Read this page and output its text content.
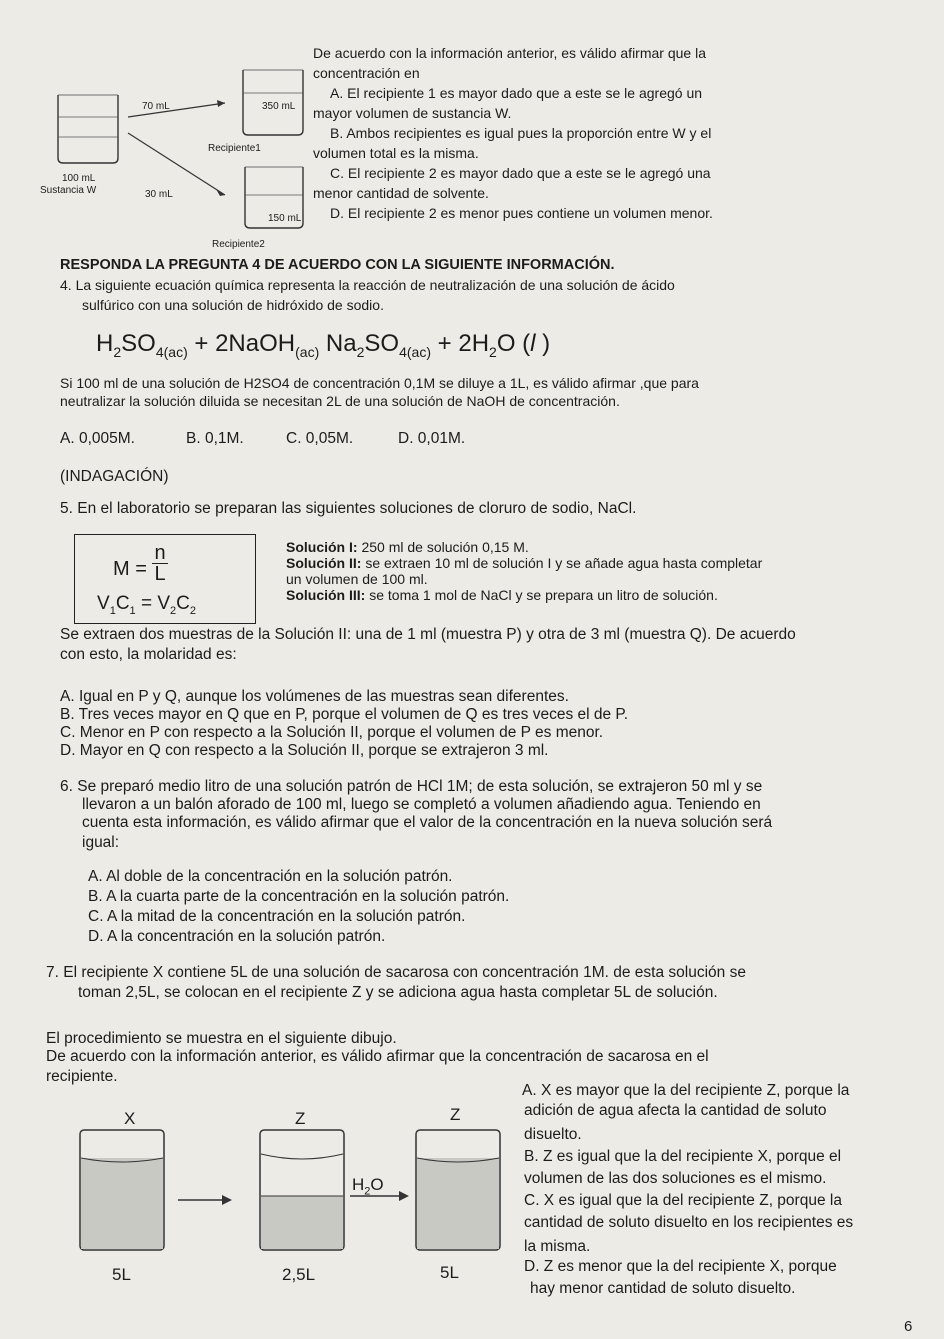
70 mL	350 mL
Recipiente1
100 mL
Sustancia W	30 mL
150 mL
Recipiente2
De acuerdo con la información anterior, es válido afirmar que la
concentración en
A. El recipiente 1 es mayor dado que a este se le agregó un
mayor volumen de sustancia W.
B. Ambos recipientes es igual pues la proporción entre W y el
volumen total es la misma.
C. El recipiente 2 es mayor dado que a este se le agregó una
menor cantidad de solvente.
D. El recipiente 2 es menor pues contiene un volumen menor.
RESPONDA LA PREGUNTA 4 DE ACUERDO CON LA SIGUIENTE INFORMACIÓN.
4. La siguiente ecuación química representa la reacción de neutralización de una solución de ácido
sulfúrico con una solución de hidróxido de sodio.
$H_2SO_{4(ac)}$ + 2NaOH$_{(ac)}$ $Na_2SO_{4(ac)} + 2H_2O$ (l )
Si 100 ml de una solución de H2SO4 de concentración 0,1M se diluye a 1L, es válido afirmar ,que para
neutralizar la solución diluida se necesitan 2L de una solución de NaOH de concentración.
A. 0,005M.	B. 0,1M.	C. 0,05M.	D. 0,01M.
(INDAGACIÓN)
5. En el laboratorio se preparan las siguientes soluciones de cloruro de sodio, NaCl.
$M = \frac{n}{L}$
$V_1C_1 = V_2C_2$
Solución I: 250 ml de solución 0,15 M.
Solución II: se extraen 10 ml de solución I y se añade agua hasta completar
un volumen de 100 ml.
Solución III: se toma 1 mol de NaCl y se prepara un litro de solución.
Se extraen dos muestras de la Solución II: una de 1 ml (muestra P) y otra de 3 ml (muestra Q). De acuerdo
con esto, la molaridad es:
A. Igual en P y Q, aunque los volúmenes de las muestras sean diferentes.
B. Tres veces mayor en Q que en P, porque el volumen de Q es tres veces el de P.
C. Menor en P con respecto a la Solución II, porque el volumen de P es menor.
D. Mayor en Q con respecto a la Solución II, porque se extrajeron 3 ml.
6. Se preparó medio litro de una solución patrón de HCl 1M; de esta solución, se extrajeron 50 ml y se
llevaron a un balón aforado de 100 ml, luego se completó a volumen añadiendo agua. Teniendo en
cuenta esta información, es válido afirmar que el valor de la concentración en la nueva solución será
igual:
A. Al doble de la concentración en la solución patrón.
B. A la cuarta parte de la concentración en la solución patrón.
C. A la mitad de la concentración en la solución patrón.
D. A la concentración en la solución patrón.
7. El recipiente X contiene 5L de una solución de sacarosa con concentración 1M. de esta solución se
toman 2,5L, se colocan en el recipiente Z y se adiciona agua hasta completar 5L de solución.
El procedimiento se muestra en el siguiente dibujo.
De acuerdo con la información anterior, es válido afirmar que la concentración de sacarosa en el
recipiente.
X	Z	Z
$H_2O$
5L	2,5L	5L
A. X es mayor que la del recipiente Z, porque la
adición de agua afecta la cantidad de soluto
disuelto.
B. Z es igual que la del recipiente X, porque el
volumen de las dos soluciones es el mismo.
C. X es igual que la del recipiente Z, porque la
cantidad de soluto disuelto en los recipientes es
la misma.
D. Z es menor que la del recipiente X, porque
hay menor cantidad de soluto disuelto.
6
